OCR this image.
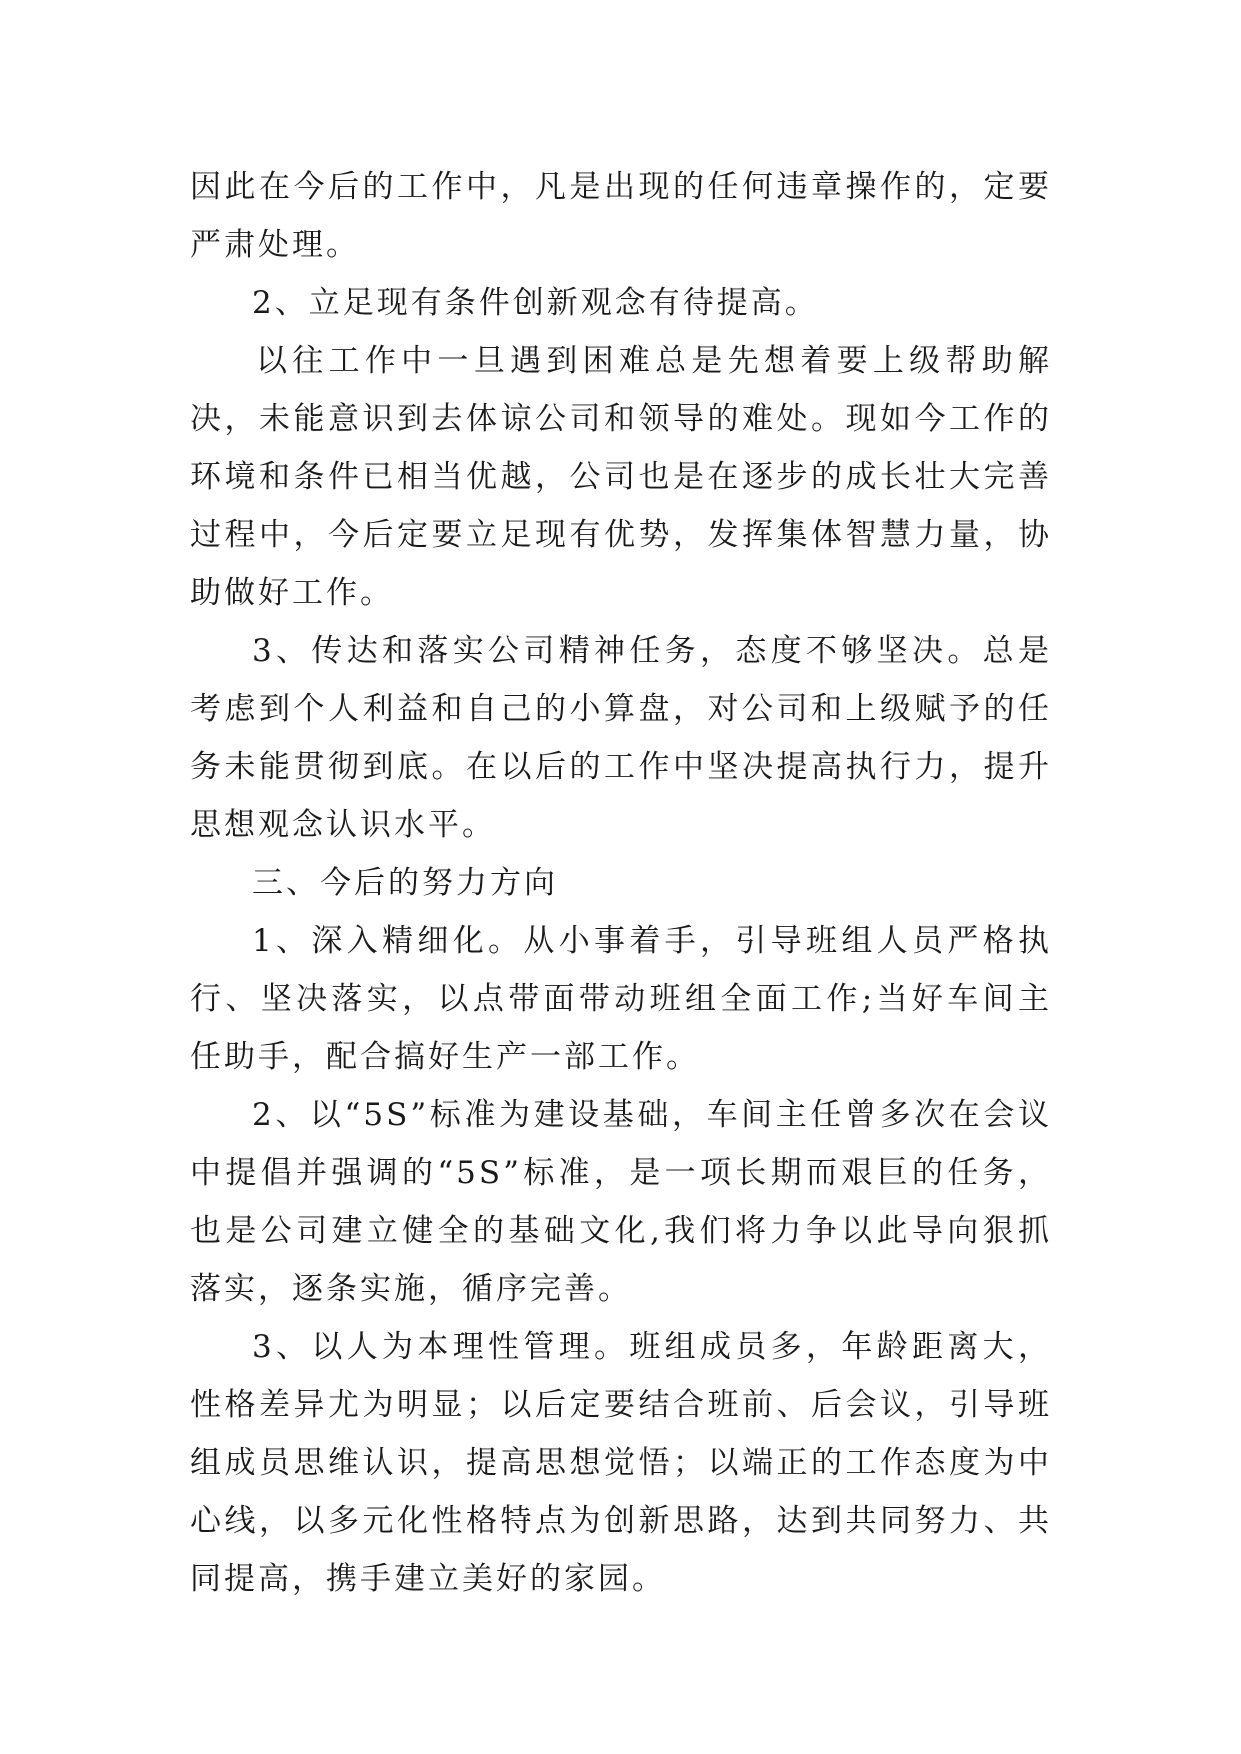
因此在今后的工作中，凡是出现的任何违章操作的，定要严肃处理。

2、立足现有条件创新观念有待提高。

以往工作中一旦遇到困难总是先想着要上级帮助解决，未能意识到去体谅公司和领导的难处。现如今工作的环境和条件已相当优越，公司也是在逐步的成长壮大完善过程中，今后定要立足现有优势，发挥集体智慧力量，协助做好工作。

3、传达和落实公司精神任务，态度不够坚决。总是考虑到个人利益和自己的小算盘，对公司和上级赋予的任务未能贯彻到底。在以后的工作中坚决提高执行力，提升思想观念认识水平。

三、今后的努力方向

1、深入精细化。从小事着手，引导班组人员严格执行、坚决落实，以点带面带动班组全面工作;当好车间主任助手，配合搞好生产一部工作。

2、以“5S”标准为建设基础，车间主任曾多次在会议中提倡并强调的“5S”标准，是一项长期而艰巨的任务，也是公司建立健全的基础文化,我们将力争以此导向狠抓落实，逐条实施，循序完善。

3、以人为本理性管理。班组成员多，年龄距离大，性格差异尤为明显；以后定要结合班前、后会议，引导班组成员思维认识，提高思想觉悟；以端正的工作态度为中心线，以多元化性格特点为创新思路，达到共同努力、共同提高，携手建立美好的家园。
